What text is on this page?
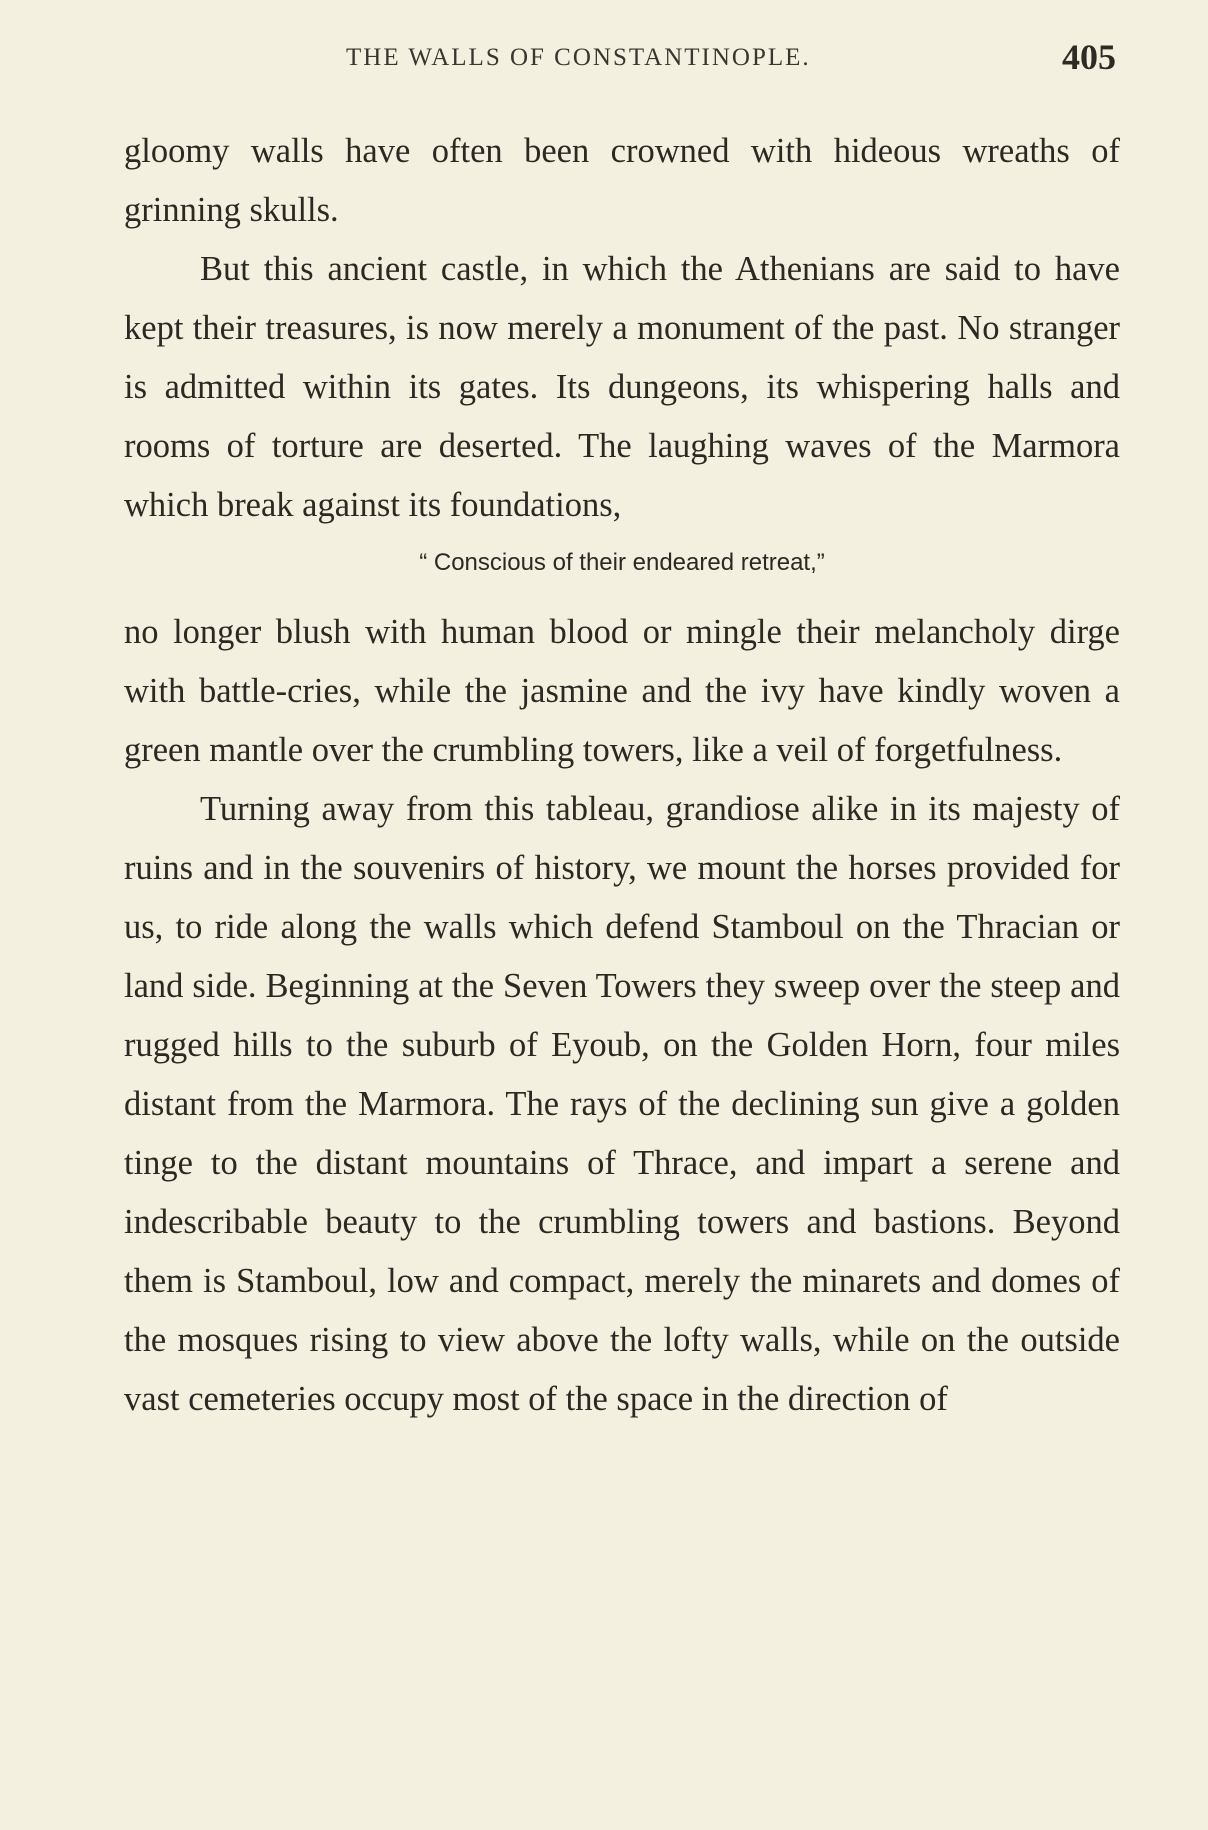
THE WALLS OF CONSTANTINOPLE.	405

gloomy walls have often been crowned with hideous wreaths of grinning skulls.

But this ancient castle, in which the Athenians are said to have kept their treasures, is now merely a monument of the past. No stranger is admitted within its gates. Its dungeons, its whispering halls and rooms of torture are deserted. The laughing waves of the Marmora which break against its foundations,

“ Conscious of their endeared retreat,”

no longer blush with human blood or mingle their melancholy dirge with battle-cries, while the jasmine and the ivy have kindly woven a green mantle over the crumbling towers, like a veil of forgetfulness.

Turning away from this tableau, grandiose alike in its majesty of ruins and in the souvenirs of history, we mount the horses provided for us, to ride along the walls which defend Stamboul on the Thracian or land side. Beginning at the Seven Towers they sweep over the steep and rugged hills to the suburb of Eyoub, on the Golden Horn, four miles distant from the Marmora. The rays of the declining sun give a golden tinge to the distant mountains of Thrace, and impart a serene and indescribable beauty to the crumbling towers and bastions. Beyond them is Stamboul, low and compact, merely the minarets and domes of the mosques rising to view above the lofty walls, while on the outside vast cemeteries occupy most of the space in the direction of
